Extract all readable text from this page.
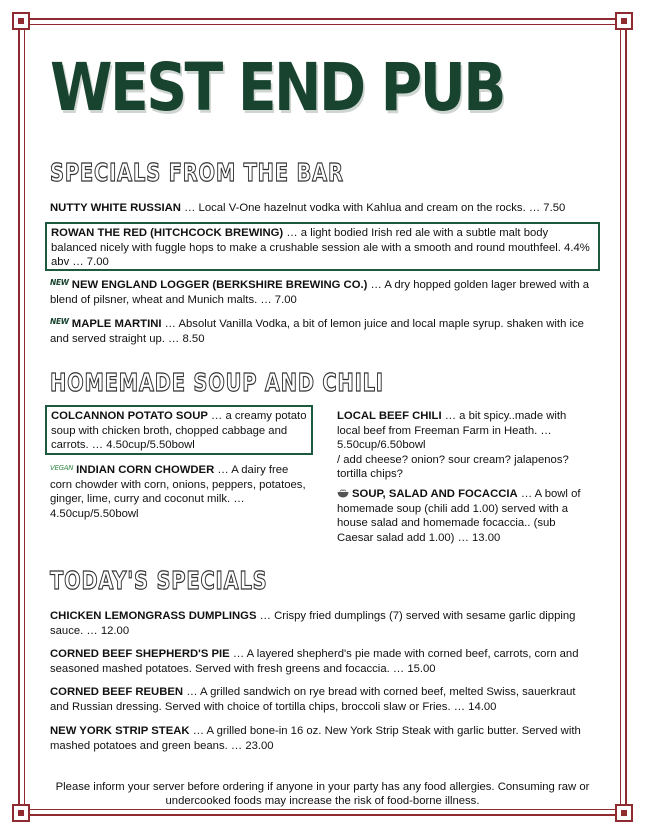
WEST END PUB
SPECIALS FROM THE BAR

NUTTY WHITE RUSSIAN … Local V-One hazelnut vodka with Kahlua and cream on the rocks. … 7.50

ROWAN THE RED (HITCHCOCK BREWING) … a light bodied Irish red ale with a subtle malt body balanced nicely with fuggle hops to make a crushable session ale with a smooth and round mouthfeel. 4.4% abv … 7.00

NEW NEW ENGLAND LOGGER (BERKSHIRE BREWING CO.) … A dry hopped golden lager brewed with a blend of pilsner, wheat and Munich malts. … 7.00

NEW MAPLE MARTINI … Absolut Vanilla Vodka, a bit of lemon juice and local maple syrup. shaken with ice and served straight up. … 8.50

HOMEMADE SOUP AND CHILI

COLCANNON POTATO SOUP … a creamy potato soup with chicken broth, chopped cabbage and carrots. … 4.50cup/5.50bowl

VEGAN INDIAN CORN CHOWDER … A dairy free corn chowder with corn, onions, peppers, potatoes, ginger, lime, curry and coconut milk. … 4.50cup/5.50bowl

LOCAL BEEF CHILI … a bit spicy..made with local beef from Freeman Farm in Heath. … 5.50cup/6.50bowl
/ add cheese? onion? sour cream? jalapenos? tortilla chips?

SOUP, SALAD AND FOCACCIA … A bowl of homemade soup (chili add 1.00) served with a house salad and homemade focaccia.. (sub Caesar salad add 1.00) … 13.00

TODAY'S SPECIALS

CHICKEN LEMONGRASS DUMPLINGS … Crispy fried dumplings (7) served with sesame garlic dipping sauce. … 12.00

CORNED BEEF SHEPHERD'S PIE … A layered shepherd's pie made with corned beef, carrots, corn and seasoned mashed potatoes. Served with fresh greens and focaccia. … 15.00

CORNED BEEF REUBEN … A grilled sandwich on rye bread with corned beef, melted Swiss, sauerkraut and Russian dressing. Served with choice of tortilla chips, broccoli slaw or Fries. … 14.00

NEW YORK STRIP STEAK … A grilled bone-in 16 oz. New York Strip Steak with garlic butter. Served with mashed potatoes and green beans. … 23.00

Please inform your server before ordering if anyone in your party has any food allergies. Consuming raw or undercooked foods may increase the risk of food-borne illness.
